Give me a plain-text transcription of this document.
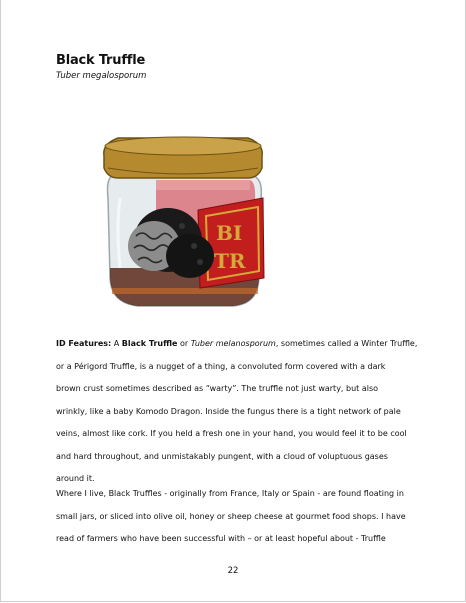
Black Truffle
Tuber megalosporum
BI
TR
ID Features: A Black Truffle or Tuber melanosporum, sometimes called a Winter Truffle,
or a Périgord Truffle, is a nugget of a thing, a convoluted form covered with a dark
brown crust sometimes described as “warty”. The truffle not just warty, but also
wrinkly, like a baby Komodo Dragon. Inside the fungus there is a tight network of pale
veins, almost like cork. If you held a fresh one in your hand, you would feel it to be cool
and hard throughout, and unmistakably pungent, with a cloud of voluptuous gases
around it.
Where I live, Black Truffles - originally from France, Italy or Spain - are found floating in
small jars, or sliced into olive oil, honey or sheep cheese at gourmet food shops. I have
read of farmers who have been successful with – or at least hopeful about - Truffle
22
